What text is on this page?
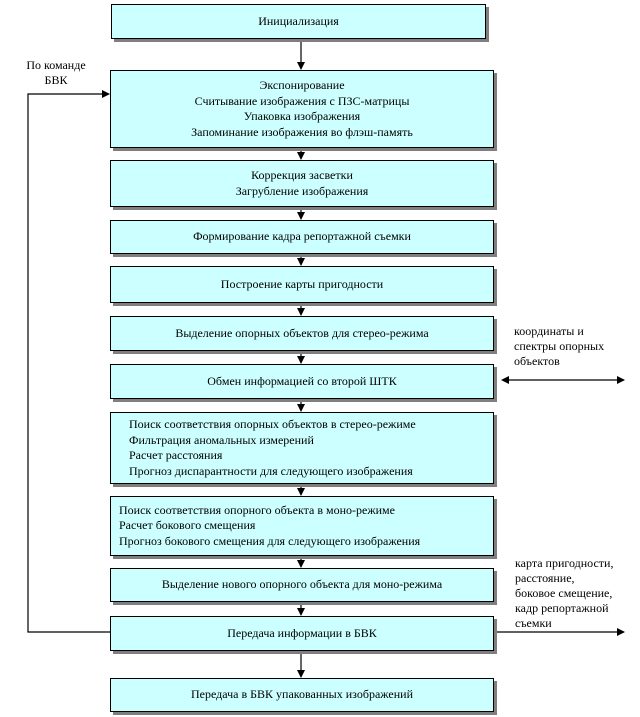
Инициализация
Экспонирование
Считывание изображения с ПЗС-матрицы
Упаковка изображения
Запоминание изображения во флэш-память
Коррекция засветки
Загрубление изображения
Формирование кадра репортажной съемки
Построение карты пригодности
Выделение опорных объектов для стерео-режима
Обмен информацией со второй ШТК
Поиск соответствия опорных объектов в стерео-режиме
Фильтрация аномальных измерений
Расчет расстояния
Прогноз диспарантности для следующего изображения
Поиск соответствия опорного объекта в моно-режиме
Расчет бокового смещения
Прогноз бокового смещения для следующего изображения
Выделение нового опорного объекта для моно-режима
Передача информации в БВК
Передача в БВК упакованных изображений
По команде
БВК
координаты и
спектры опорных
объектов
карта пригодности,
расстояние,
боковое смещение,
кадр репортажной
съемки
